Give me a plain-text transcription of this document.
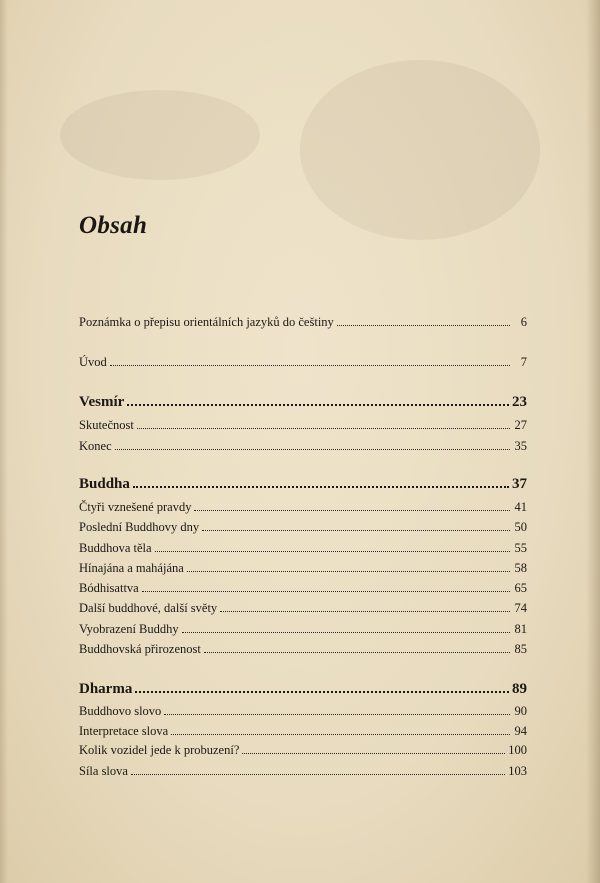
Obsah
Poznámka o přepisu orientálních jazyků do češtiny	6
Úvod	7
Vesmír	23
Skutečnost	27
Konec	35
Buddha	37
Čtyři vznešené pravdy	41
Poslední Buddhovy dny	50
Buddhova těla	55
Hínajána a mahájána	58
Bódhisattva	65
Další buddhové, další světy	74
Vyobrazení Buddhy	81
Buddhovská přirozenost	85
Dharma	89
Buddhovo slovo	90
Interpretace slova	94
Kolik vozidel jede k probuzení?	100
Síla slova	103
